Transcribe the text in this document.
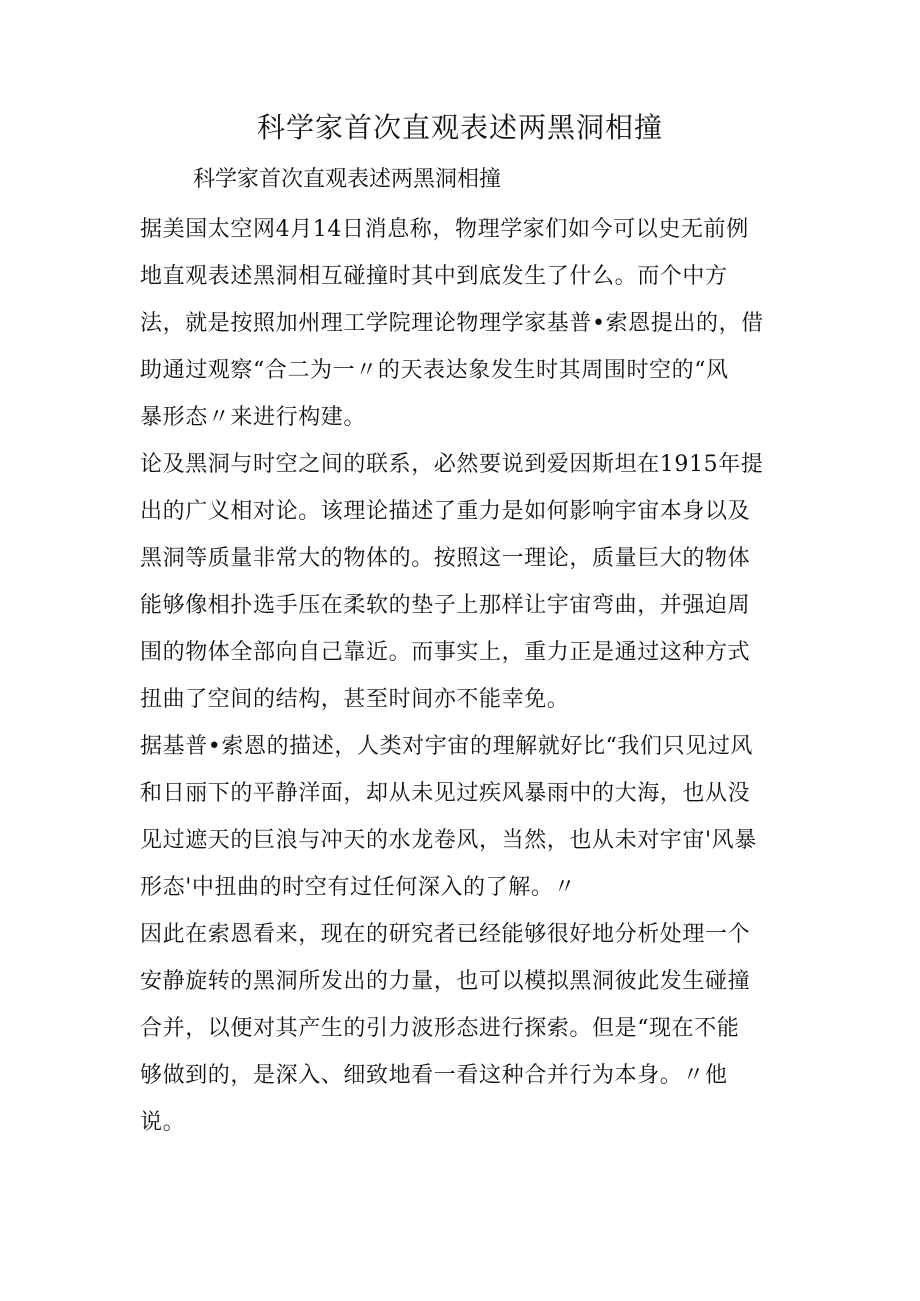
科学家首次直观表述两黑洞相撞

科学家首次直观表述两黑洞相撞

据美国太空网4月14日消息称，物理学家们如今可以史无前例
地直观表述黑洞相互碰撞时其中到底发生了什么。而个中方
法，就是按照加州理工学院理论物理学家基普•索恩提出的，借
助通过观察“合二为一〃的天表达象发生时其周围时空的“风
暴形态〃来进行构建。
论及黑洞与时空之间的联系，必然要说到爱因斯坦在1915年提
出的广义相对论。该理论描述了重力是如何影响宇宙本身以及
黑洞等质量非常大的物体的。按照这一理论，质量巨大的物体
能够像相扑选手压在柔软的垫子上那样让宇宙弯曲，并强迫周
围的物体全部向自己靠近。而事实上，重力正是通过这种方式
扭曲了空间的结构，甚至时间亦不能幸免。
据基普•索恩的描述，人类对宇宙的理解就好比“我们只见过风
和日丽下的平静洋面，却从未见过疾风暴雨中的大海，也从没
见过遮天的巨浪与冲天的水龙卷风，当然，也从未对宇宙'风暴
形态'中扭曲的时空有过任何深入的了解。〃
因此在索恩看来，现在的研究者已经能够很好地分析处理一个
安静旋转的黑洞所发出的力量，也可以模拟黑洞彼此发生碰撞
合并，以便对其产生的引力波形态进行探索。但是“现在不能
够做到的，是深入、细致地看一看这种合并行为本身。〃他
说。
